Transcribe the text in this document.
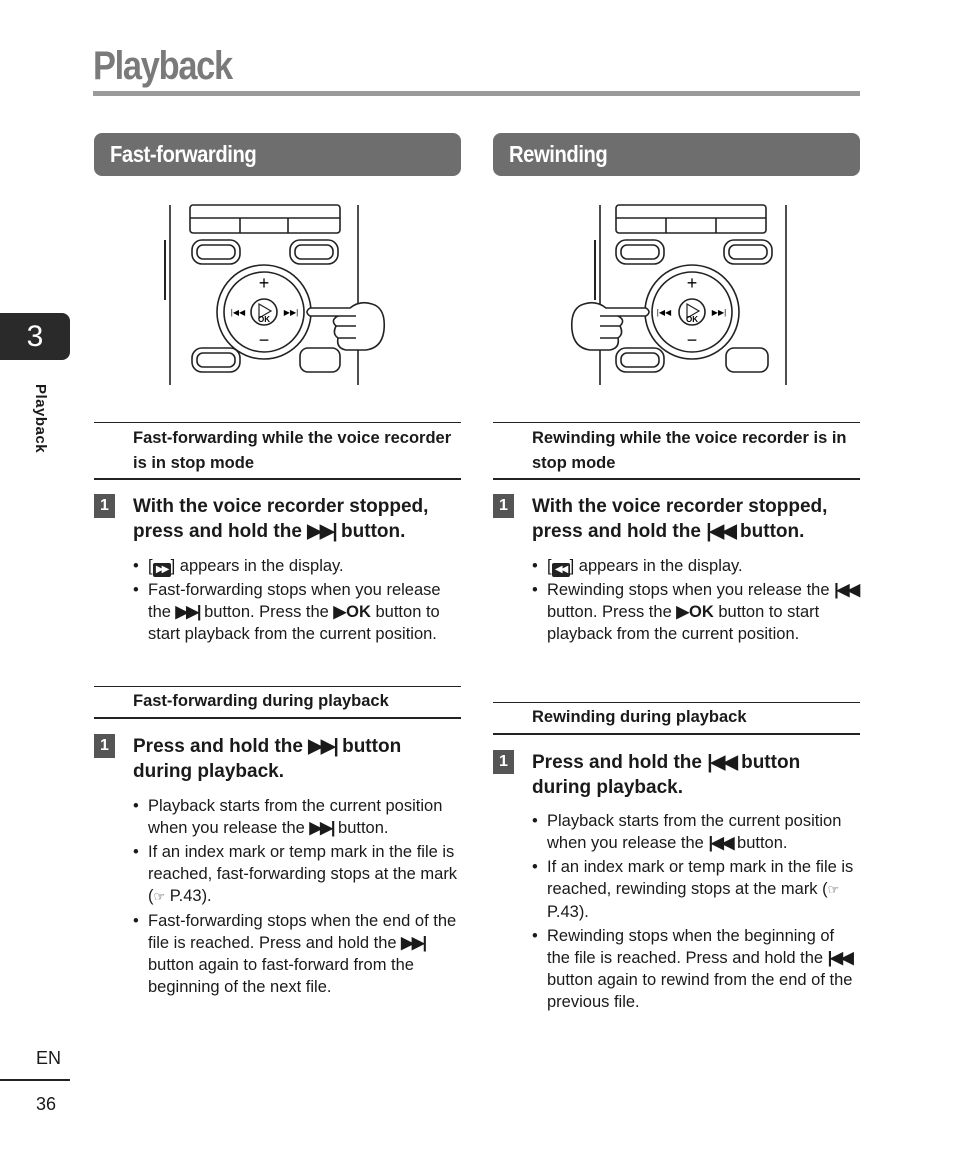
Playback
3
Playback
EN
36
Fast-forwarding	Rewinding
+
−
OK
|◀◀	▶▶|
+
−
OK
|◀◀	▶▶|
Fast-forwarding while the voice recorder is in stop mode
1	With the voice recorder stopped, press and hold the ▶▶| button.
• [ ▶▶ ] appears in the display.
• Fast-forwarding stops when you release the ▶▶| button. Press the ▶OK button to start playback from the current position.
Fast-forwarding during playback
1	Press and hold the ▶▶| button during playback.
• Playback starts from the current position when you release the ▶▶| button.
• If an index mark or temp mark in the file is reached, fast-forwarding stops at the mark (☞ P.43).
• Fast-forwarding stops when the end of the file is reached. Press and hold the ▶▶| button again to fast-forward from the beginning of the next file.
Rewinding while the voice recorder is in stop mode
1	With the voice recorder stopped, press and hold the |◀◀ button.
• [ ◀◀ ] appears in the display.
• Rewinding stops when you release the |◀◀ button. Press the ▶OK button to start playback from the current position.
Rewinding during playback
1	Press and hold the |◀◀ button during playback.
• Playback starts from the current position when you release the |◀◀ button.
• If an index mark or temp mark in the file is reached, rewinding stops at the mark (☞ P.43).
• Rewinding stops when the beginning of the file is reached. Press and hold the |◀◀ button again to rewind from the end of the previous file.
